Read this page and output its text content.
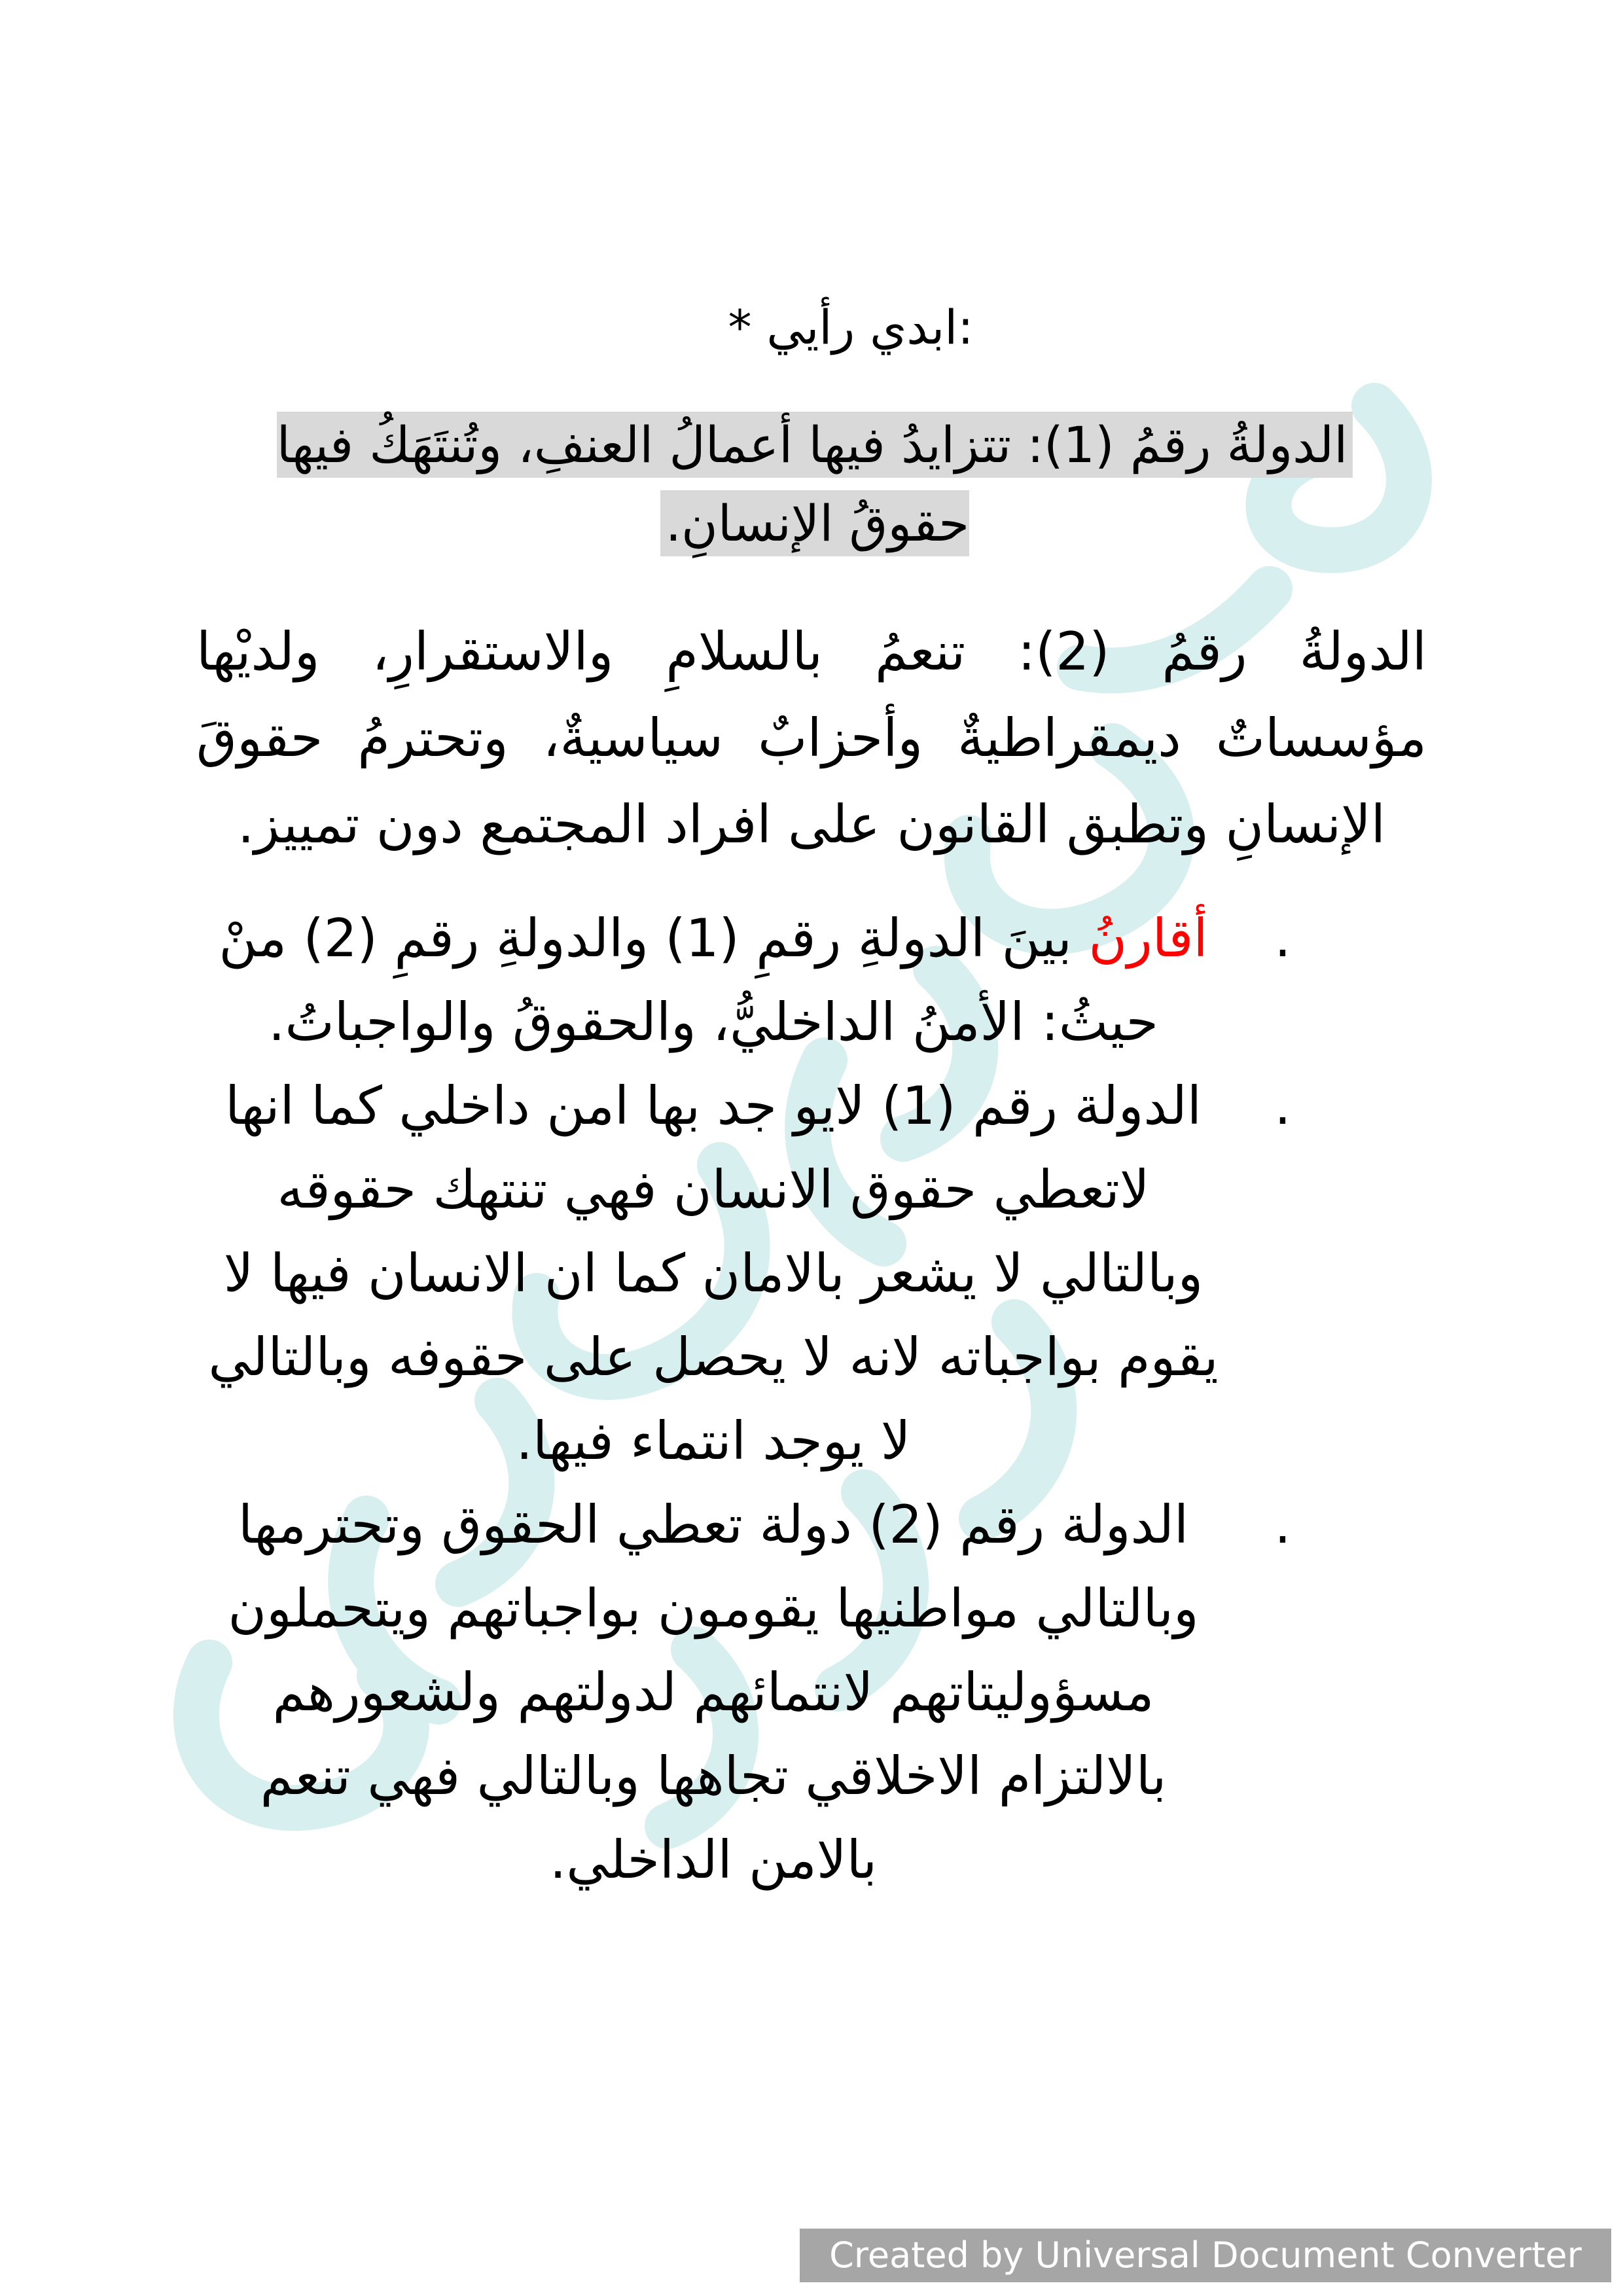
:ابدي رأيي *
الدولةُ رقمُ (1): تتزايدُ فيها أعمالُ العنفِ، وتُنتَهَكُ فيها حقوقُ الإنسانِ.
الدولةُ رقمُ (2): تنعمُ بالسلامِ والاستقرارِ، ولديْها مؤسساتٌ ديمقراطيةٌ وأحزابٌ سياسيةٌ، وتحترمُ حقوقَ الإنسانِ وتطبق القانون على افراد المجتمع دون تمييز.
.
أقارنُ بينَ الدولةِ رقمِ (1) والدولةِ رقمِ (2) منْ حيثُ: الأمنُ الداخليُّ، والحقوقُ والواجباتُ.
.
الدولة رقم (1) لايو جد بها امن داخلي كما انها لاتعطي حقوق الانسان فهي تنتهك حقوقه وبالتالي لا يشعر بالامان كما ان الانسان فيها لا يقوم بواجباته لانه لا يحصل على حقوفه وبالتالي لا يوجد انتماء فيها.
.
الدولة رقم (2) دولة تعطي الحقوق وتحترمها وبالتالي مواطنيها يقومون بواجباتهم ويتحملون مسؤوليتاتهم لانتمائهم لدولتهم ولشعورهم بالالتزام الاخلاقي تجاهها وبالتالي فهي تنعم بالامن الداخلي.
Created by Universal Document Converter
